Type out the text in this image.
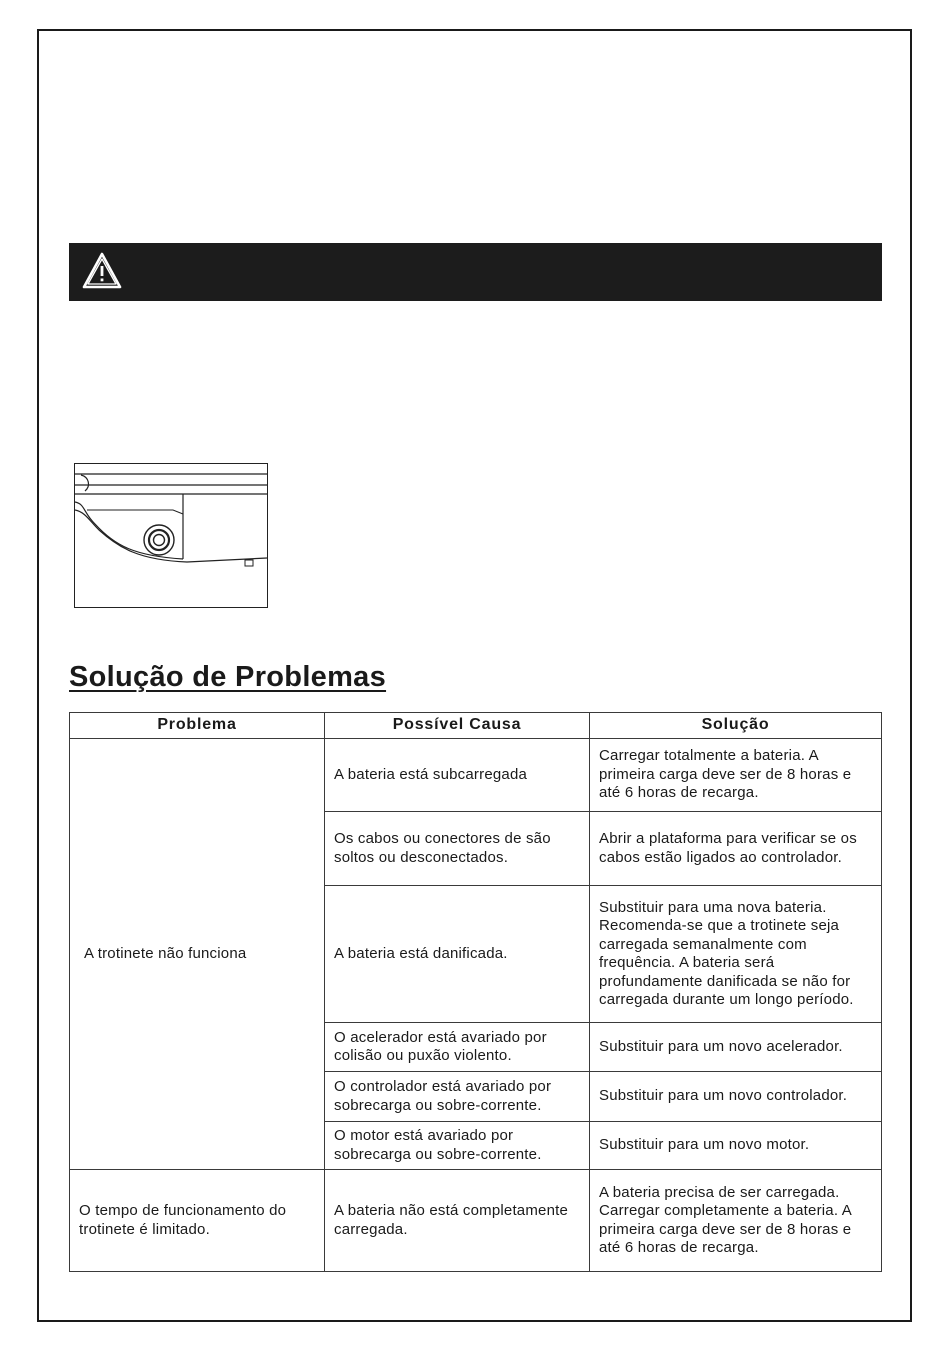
Solução de Problemas
Problema	Possível Causa	Solução
A trotinete não funciona	A bateria está subcarregada	Carregar totalmente a bateria. A primeira carga deve ser de 8 horas e até 6 horas de recarga.
	Os cabos ou conectores de são soltos ou desconectados.	Abrir a plataforma para verificar se os cabos estão ligados ao controlador.
	A bateria está danificada.	Substituir para uma nova bateria. Recomenda-se que a trotinete seja carregada semanalmente com frequência. A bateria será profundamente danificada se não for carregada durante um longo período.
	O acelerador está avariado por colisão ou puxão violento.	Substituir para um novo acelerador.
	O controlador está avariado por sobrecarga ou sobre-corrente.	Substituir para um novo controlador.
	O motor está avariado por sobrecarga ou sobre-corrente.	Substituir para um novo motor.
O tempo de funcionamento do trotinete é limitado.	A bateria não está completamente carregada.	A bateria precisa de ser carregada. Carregar completamente a bateria. A primeira carga deve ser de 8 horas e até 6 horas de recarga.
